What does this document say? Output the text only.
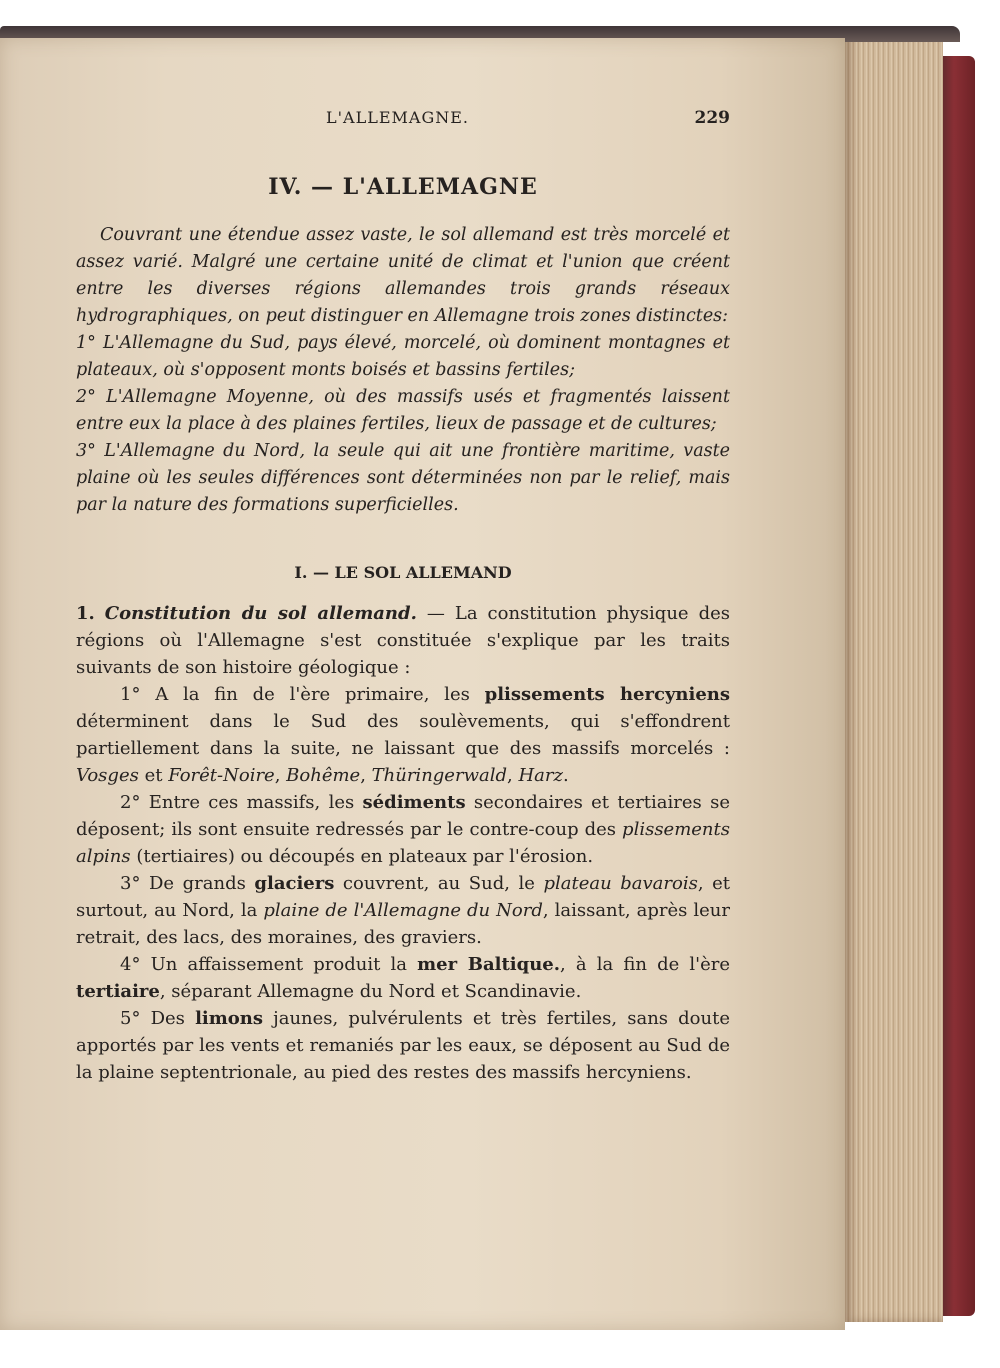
L'ALLEMAGNE.	229
IV. — L'ALLEMAGNE

Couvrant une étendue assez vaste, le sol allemand est très morcelé et assez varié. Malgré une certaine unité de climat et l'union que créent entre les diverses régions allemandes trois grands réseaux hydrographiques, on peut distinguer en Allemagne trois zones distinctes:

1° L'Allemagne du Sud, pays élevé, morcelé, où dominent montagnes et plateaux, où s'opposent monts boisés et bassins fertiles;

2° L'Allemagne Moyenne, où des massifs usés et fragmentés laissent entre eux la place à des plaines fertiles, lieux de passage et de cultures;

3° L'Allemagne du Nord, la seule qui ait une frontière maritime, vaste plaine où les seules différences sont déterminées non par le relief, mais par la nature des formations superficielles.

I. — LE SOL ALLEMAND

1. Constitution du sol allemand. — La constitution physique des régions où l'Allemagne s'est constituée s'explique par les traits suivants de son histoire géologique :

1° A la fin de l'ère primaire, les plissements hercyniens déterminent dans le Sud des soulèvements, qui s'effondrent partiellement dans la suite, ne laissant que des massifs morcelés : Vosges et Forêt-Noire, Bohême, Thüringerwald, Harz.

2° Entre ces massifs, les sédiments secondaires et tertiaires se déposent; ils sont ensuite redressés par le contre-coup des plissements alpins (tertiaires) ou découpés en plateaux par l'érosion.

3° De grands glaciers couvrent, au Sud, le plateau bavarois, et surtout, au Nord, la plaine de l'Allemagne du Nord, laissant, après leur retrait, des lacs, des moraines, des graviers.

4° Un affaissement produit la mer Baltique., à la fin de l'ère tertiaire, séparant Allemagne du Nord et Scandinavie.

5° Des limons jaunes, pulvérulents et très fertiles, sans doute apportés par les vents et remaniés par les eaux, se déposent au Sud de la plaine septentrionale, au pied des restes des massifs hercyniens.
